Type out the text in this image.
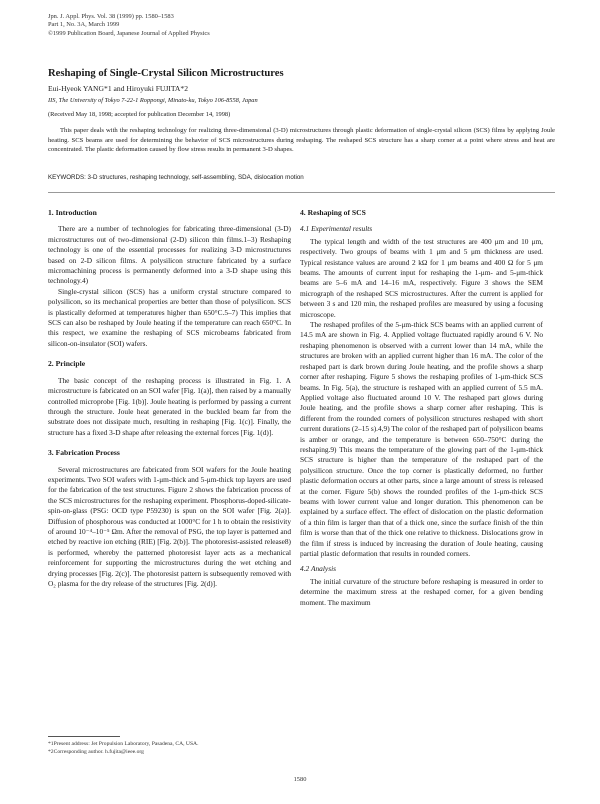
Jpn. J. Appl. Phys. Vol. 38 (1999) pp. 1580–1583
Part 1, No. 3A, March 1999
©1999 Publication Board, Japanese Journal of Applied Physics
Reshaping of Single-Crystal Silicon Microstructures
Eui-Hyeok YANG*1 and Hiroyuki FUJITA*2
IIS, The University of Tokyo 7-22-1 Roppongi, Minato-ku, Tokyo 106-8558, Japan
(Received May 18, 1998; accepted for publication December 14, 1998)
This paper deals with the reshaping technology for realizing three-dimensional (3-D) microstructures through plastic deformation of single-crystal silicon (SCS) films by applying Joule heating. SCS beams are used for determining the behavior of SCS microstructures during reshaping. The reshaped SCS structure has a sharp corner at a point where stress and heat are concentrated. The plastic deformation caused by flow stress results in permanent 3-D shapes.
KEYWORDS: 3-D structures, reshaping technology, self-assembling, SDA, dislocation motion
1. Introduction

There are a number of technologies for fabricating three-dimensional (3-D) microstructures out of two-dimensional (2-D) silicon thin films.1–3) Reshaping technology is one of the essential processes for realizing 3-D microstructures based on 2-D silicon films. A polysilicon structure fabricated by a surface micromachining process is permanently deformed into a 3-D shape using this technology.4)

Single-crystal silicon (SCS) has a uniform crystal structure compared to polysilicon, so its mechanical properties are better than those of polysilicon. SCS is plastically deformed at temperatures higher than 650°C.5–7) This implies that SCS can also be reshaped by Joule heating if the temperature can reach 650°C. In this respect, we examine the reshaping of SCS microbeams fabricated from silicon-on-insulator (SOI) wafers.

2. Principle

The basic concept of the reshaping process is illustrated in Fig. 1. A microstructure is fabricated on an SOI wafer [Fig. 1(a)], then raised by a manually controlled microprobe [Fig. 1(b)]. Joule heating is performed by passing a current through the structure. Joule heat generated in the buckled beam far from the substrate does not dissipate much, resulting in reshaping [Fig. 1(c)]. Finally, the structure has a fixed 3-D shape after releasing the external forces [Fig. 1(d)].

3. Fabrication Process

Several microstructures are fabricated from SOI wafers for the Joule heating experiments. Two SOI wafers with 1-μm-thick and 5-μm-thick top layers are used for the fabrication of the test structures. Figure 2 shows the fabrication process of the SCS microstructures for the reshaping experiment. Phosphorus-doped-silicate-spin-on-glass (PSG: OCD type P59230) is spun on the SOI wafer [Fig. 2(a)]. Diffusion of phosphorous was conducted at 1000°C for 1 h to obtain the resistivity of around 10⁻⁴–10⁻⁵ Ωm. After the removal of PSG, the top layer is patterned and etched by reactive ion etching (RIE) [Fig. 2(b)]. The photoresist-assisted release8) is performed, whereby the patterned photoresist layer acts as a mechanical reinforcement for supporting the microstructures during the wet etching and drying processes [Fig. 2(c)]. The photoresist pattern is subsequently removed with O₂ plasma for the dry release of the structures [Fig. 2(d)].

4. Reshaping of SCS
4.1 Experimental results

The typical length and width of the test structures are 400 μm and 10 μm, respectively. Two groups of beams with 1 μm and 5 μm thickness are used. Typical resistance values are around 2 kΩ for 1 μm beams and 400 Ω for 5 μm beams. The amounts of current input for reshaping the 1-μm- and 5-μm-thick beams are 5–6 mA and 14–16 mA, respectively. Figure 3 shows the SEM micrograph of the reshaped SCS microstructures. After the current is applied for between 3 s and 120 min, the reshaped profiles are measured by using a focusing microscope.

The reshaped profiles of the 5-μm-thick SCS beams with an applied current of 14.5 mA are shown in Fig. 4. Applied voltage fluctuated rapidly around 6 V. No reshaping phenomenon is observed with a current lower than 14 mA, while the structures are broken with an applied current higher than 16 mA. The color of the reshaped part is dark brown during Joule heating, and the profile shows a sharp corner after reshaping. Figure 5 shows the reshaping profiles of 1-μm-thick SCS beams. In Fig. 5(a), the structure is reshaped with an applied current of 5.5 mA. Applied voltage also fluctuated around 10 V. The reshaped part glows during Joule heating, and the profile shows a sharp corner after reshaping. This is different from the rounded corners of polysilicon structures reshaped with short current durations (2–15 s).4,9) The color of the reshaped part of polysilicon beams is amber or orange, and the temperature is between 650–750°C during the reshaping.9) This means the temperature of the glowing part of the 1-μm-thick SCS structure is higher than the temperature of the reshaped part of the polysilicon structure. Once the top corner is plastically deformed, no further plastic deformation occurs at other parts, since a large amount of stress is released at the corner. Figure 5(b) shows the rounded profiles of the 1-μm-thick SCS beams with lower current value and longer duration. This phenomenon can be explained by a surface effect. The effect of dislocation on the plastic deformation of a thin film is larger than that of a thick one, since the surface finish of the thin film is worse than that of the thick one relative to thickness. Dislocations grow in the film if stress is induced by increasing the duration of Joule heating, causing partial plastic deformation that results in rounded corners.

4.2 Analysis

The initial curvature of the structure before reshaping is measured in order to determine the maximum stress at the reshaped corner, for a given bending moment. The maximum

*1Present address: Jet Propulsion Laboratory, Pasadena, CA, USA.
*2Corresponding author. h.fujita@ieee.org
1580
